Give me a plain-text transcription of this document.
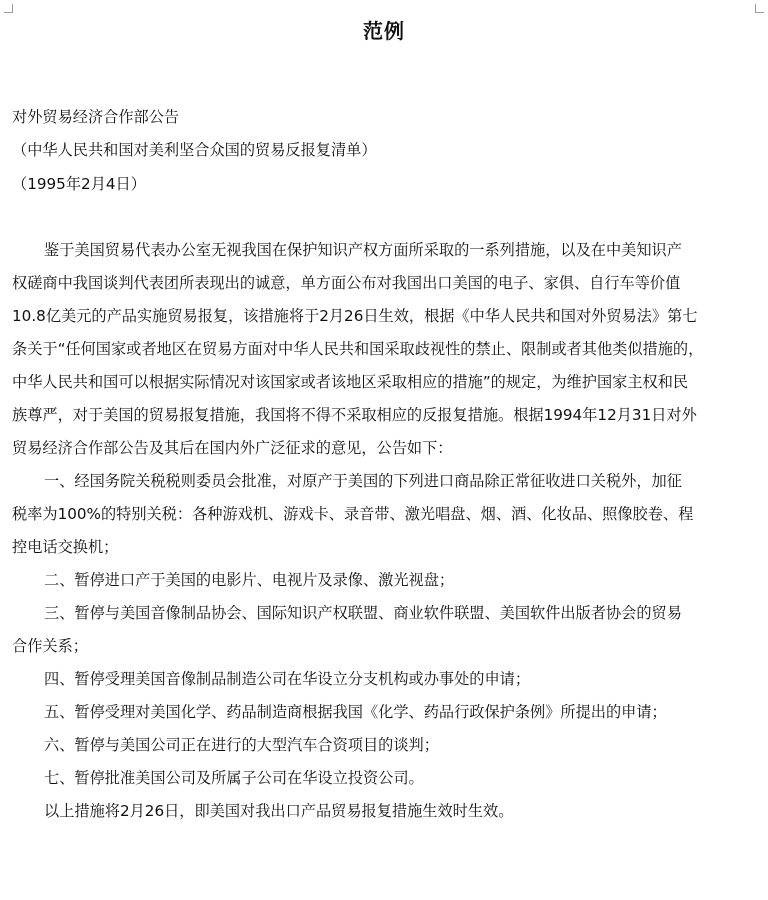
范例
对外贸易经济合作部公告
（中华人民共和国对美利坚合众国的贸易反报复清单）
（1995年2月4日）
鉴于美国贸易代表办公室无视我国在保护知识产权方面所采取的一系列措施，以及在中美知识产
权磋商中我国谈判代表团所表现出的诚意，单方面公布对我国出口美国的电子、家俱、自行车等价值
10.8亿美元的产品实施贸易报复，该措施将于2月26日生效，根据《中华人民共和国对外贸易法》第七
条关于“任何国家或者地区在贸易方面对中华人民共和国采取歧视性的禁止、限制或者其他类似措施的，
中华人民共和国可以根据实际情况对该国家或者该地区采取相应的措施”的规定，为维护国家主权和民
族尊严，对于美国的贸易报复措施，我国将不得不采取相应的反报复措施。根据1994年12月31日对外
贸易经济合作部公告及其后在国内外广泛征求的意见，公告如下：
一、经国务院关税税则委员会批准，对原产于美国的下列进口商品除正常征收进口关税外，加征
税率为100%的特别关税：各种游戏机、游戏卡、录音带、激光唱盘、烟、酒、化妆品、照像胶卷、程
控电话交换机；
二、暂停进口产于美国的电影片、电视片及录像、激光视盘；
三、暂停与美国音像制品协会、国际知识产权联盟、商业软件联盟、美国软件出版者协会的贸易
合作关系；
四、暂停受理美国音像制品制造公司在华设立分支机构或办事处的申请；
五、暂停受理对美国化学、药品制造商根据我国《化学、药品行政保护条例》所提出的申请；
六、暂停与美国公司正在进行的大型汽车合资项目的谈判；
七、暂停批准美国公司及所属子公司在华设立投资公司。
以上措施将2月26日，即美国对我出口产品贸易报复措施生效时生效。
